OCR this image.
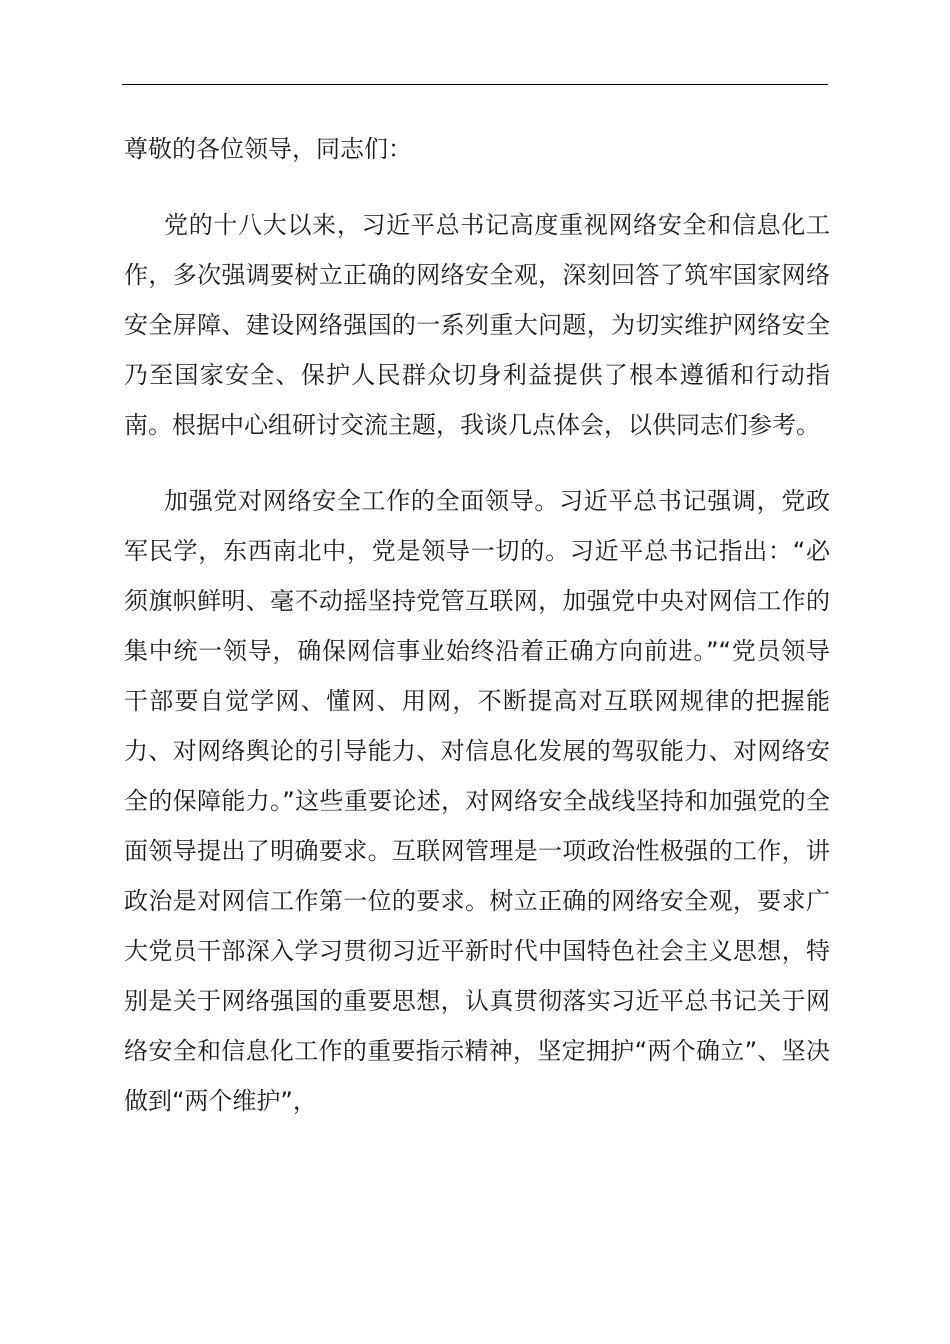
尊敬的各位领导，同志们：

党的十八大以来，习近平总书记高度重视网络安全和信息化工作，多次强调要树立正确的网络安全观，深刻回答了筑牢国家网络安全屏障、建设网络强国的一系列重大问题，为切实维护网络安全乃至国家安全、保护人民群众切身利益提供了根本遵循和行动指南。根据中心组研讨交流主题，我谈几点体会，以供同志们参考。

加强党对网络安全工作的全面领导。习近平总书记强调，党政军民学，东西南北中，党是领导一切的。习近平总书记指出：“必须旗帜鲜明、毫不动摇坚持党管互联网，加强党中央对网信工作的集中统一领导，确保网信事业始终沿着正确方向前进。”“党员领导干部要自觉学网、懂网、用网，不断提高对互联网规律的把握能力、对网络舆论的引导能力、对信息化发展的驾驭能力、对网络安全的保障能力。”这些重要论述，对网络安全战线坚持和加强党的全面领导提出了明确要求。互联网管理是一项政治性极强的工作，讲政治是对网信工作第一位的要求。树立正确的网络安全观，要求广大党员干部深入学习贯彻习近平新时代中国特色社会主义思想，特别是关于网络强国的重要思想，认真贯彻落实习近平总书记关于网络安全和信息化工作的重要指示精神，坚定拥护“两个确立”、坚决做到“两个维护”，
